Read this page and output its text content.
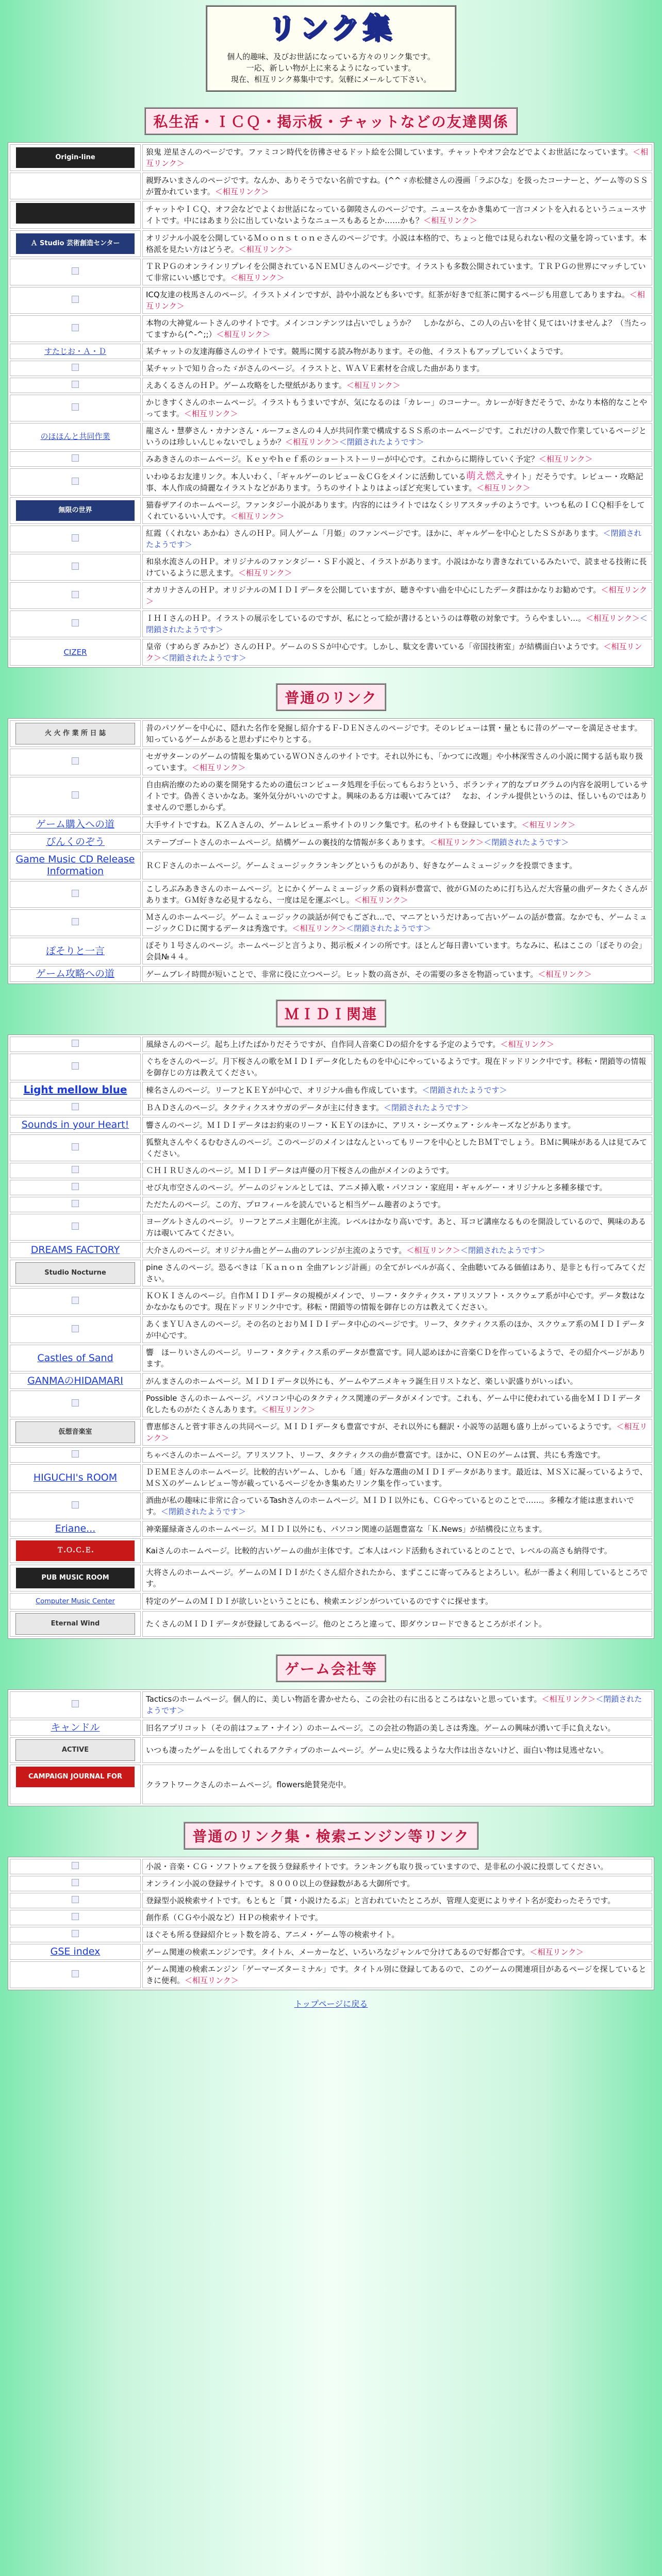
リンク集
個人的趣味、及びお世話になっている方々のリンク集です。
一応、新しい物が上に来るようになっています。
現在、相互リンク募集中です。気軽にメールして下さい。
私生活・ＩＣＱ・掲示板・チャットなどの友達関係
Origin-line	狼鬼 逆星さんのページです。ファミコン時代を彷彿させるドット絵を公開しています。チャットやオフ会などでよくお世話になっています。＜相互リンク＞
	親野みいまさんのページです。なんか、ありそうでない名前ですね。(^^ゞ赤松健さんの漫画「ラぶひな」を扱ったコーナーと、ゲーム等のＳＳが置かれています。＜相互リンク＞
	チャットやＩＣＱ、オフ会などでよくお世話になっている御陵さんのページです。ニュースをかき集めて一言コメントを入れるというニュースサイトです。中にはあまり公に出していないようなニュースもあるとか……かも？＜相互リンク＞
Ａ Studio 芸術創造センター	オリジナル小説を公開しているＭｏｏｎｓｔｏｎｅさんのページです。小説は本格的で、ちょっと他では見られない程の文量を誇っています。本格派を見たい方はどうぞ。＜相互リンク＞
	ＴＲＰＧのオンラインリプレイを公開されているＮＥＭＵさんのページです。イラストも多数公開されています。ＴＲＰＧの世界にマッチしていて非常にいい感じです。＜相互リンク＞
	ICQ友達の枝馬さんのページ。イラストメインですが、詩や小説なども多いです。紅茶が好きで紅茶に関するページも用意してありますね。＜相互リンク＞
	本物の大神覚ルートさんのサイトです。メインコンテンツは占いでしょうか？　しかながら、この人の占いを甘く見てはいけませんよ？（当たってますから(^-^;;）＜相互リンク＞
すたじお・Ａ・Ｄ	某チャットの友達海藤さんのサイトです。競馬に関する読み物があります。その他、イラストもアップしていくようです。
	某チャットで知り合ったゞがさんのページ。イラストと、ＷＡＶＥ素材を合成した曲があります。
	えあくるさんのＨＰ。ゲーム攻略をした壁紙があります。＜相互リンク＞
	かじきすくさんのホームページ。イラストもうまいですが、気になるのは「カレー」のコーナー。カレーが好きだそうで、かなり本格的なことやってます。＜相互リンク＞
のほほんと共同作業	龍さん・慧夢さん・カナンさん・ルーフェさんの４人が共同作業で構成するＳＳ系のホームページです。これだけの人数で作業しているページというのは珍しいんじゃないでしょうか？＜相互リンク＞＜閉鎖されたようです＞
	みあきさんのホームページ。Ｋｅｙやｈｅｆ系のショートストーリーが中心です。これからに期待していく予定？＜相互リンク＞
	いわゆるお友達リンク。本人いわく、「ギャルゲーのレビュー＆ＣＧをメインに活動している萌え燃えサイト」だそうです。レビュー・攻略記事、本人作成の綺麗なイラストなどがあります。うちのサイトよりはよっぽど充実しています。＜相互リンク＞
無限の世界	猫春ザアイのホームページ。ファンタジー小説があります。内容的にはライトではなくシリアスタッチのようです。いつも私のＩＣＱ相手をしてくれているいい人です。＜相互リンク＞
	紅霞（くれない あかね）さんのＨＰ。同人ゲーム「月姫」のファンページです。ほかに、ギャルゲーを中心としたＳＳがあります。＜閉鎖されたようです＞
	和泉水流さんのＨＰ。オリジナルのファンタジー・ＳＦ小説と、イラストがあります。小説はかなり書きなれているみたいで、読ませる技術に長けているように思えます。＜相互リンク＞
	オカリナさんのＨＰ。オリジナルのＭＩＤＩデータを公開していますが、聴きやすい曲を中心にしたデータ群はかなりお勧めです。＜相互リンク＞
	ＩＨＩさんのＨＰ。イラストの展示をしているのですが、私にとって絵が書けるというのは尊敬の対象です。うらやましい…。＜相互リンク＞＜閉鎖されたようです＞
CIZER	皇帝（すめらぎ みかど）さんのＨＰ。ゲームのＳＳが中心です。しかし、駄文を書いている「帝国技術室」が結構面白いようです。＜相互リンク＞＜閉鎖されたようです＞
普通のリンク
火 火 作 業 所 日 誌	昔のパソゲーを中心に、隠れた名作を発掘し紹介するＦ-ＤＥＮさんのページです。そのレビューは質・量ともに昔のゲーマーを満足させます。知っているゲームがあると思わずにやりとする。
	セガサターンのゲームの情報を集めているＷＯＮさんのサイトです。それ以外にも、「かつてに改題」や小林深雪さんの小説に関する話も取り扱っています。＜相互リンク＞
	自由病治療のための薬を開発するための遺伝コンピュータ処理を手伝ってもらおうという、ボランティア的なプログラムの内容を説明しているサイトです。偽善くさいかなあ。案外気分がいいのですよ。興味のある方は覗いてみては？　なお、インテル提供というのは、怪しいものではありませんので悪しからず。
ゲーム購入への道	大手サイトですね。ＫＺＡさんの、ゲームレビュー系サイトのリンク集です。私のサイトも登録しています。＜相互リンク＞
ぴんくのぞう	ステーブゴートさんのホームページ。結構ゲームの裏技的な情報が多くあります。＜相互リンク＞＜閉鎖されたようです＞
Game Music CD Release Information	ＲＣＦさんのホームページ。ゲームミュージックランキングというものがあり、好きなゲームミュージックを投票できます。
	こしろぶみあきさんのホームページ。とにかくゲームミュージック系の資料が豊富で、彼がＧＭのために打ち込んだ大容量の曲データたくさんがあります。ＧＭ好きな必見するなら、一度は足を運ぶべし。＜相互リンク＞
	Ｍさんのホームページ。ゲームミュージックの談話が何でもござれ…で、マニアというだけあって古いゲームの話が豊富。なかでも、ゲームミュージックＣＤに関するデータは秀逸です。＜相互リンク＞＜閉鎖されたようです＞
ぽそりと一言	ぽそり１号さんのページ。ホームページと言うより、掲示板メインの所です。ほとんど毎日書いています。ちなみに、私はここの「ぽそりの会」会員№４４。
ゲーム攻略への道	ゲームブレイ時間が短いことで、非常に役に立つページ。ヒット数の高さが、その需要の多さを物語っています。＜相互リンク＞
ＭＩＤＩ関連
	風緑さんのページ。起ち上げたばかりだそうですが、自作同人音楽ＣＤの紹介をする予定のようです。＜相互リンク＞
	ぐちをさんのページ。月下桜さんの歌をＭＩＤＩデータ化したものを中心にやっているようです。現在ドッドリンク中です。移転・閉鎖等の情報を御存じの方は教えてください。
Light mellow blue	棟名さんのページ。リーフとＫＥＹが中心で、オリジナル曲も作成しています。＜閉鎖されたようです＞
	ＢＡＤさんのページ。タクティクスオウガのデータが主に付きます。＜閉鎖されたようです＞
Sounds in your Heart!	響さんのページ。ＭＩＤＩデータはお約束のリーフ・ＫＥＹのほかに、アリス・シーズウェア・シルキーズなどがあります。
	狐整丸さんやくるむむさんのページ。このページのメインはなんといってもリーフを中心としたＢＭＴでしょう。ＢＭに興味がある人は見てみてください。
	ＣＨＩＲＵさんのページ。ＭＩＤＩデータは声優の月下桜さんの曲がメインのようです。
	せび丸市空さんのページ。ゲームのジャンルとしては、アニメ挿入歌・パソコン・家庭用・ギャルゲー・オリジナルと多種多様です。
	ただたんのページ。この方、プロフィールを読んでいると相当ゲーム趣者のようです。
	ヨーグルトさんのページ。リーフとアニメ主題化が主流。レベルはかなり高いです。あと、耳コピ講座なるものを開設しているので、興味のある方は覗いてみてください。
DREAMS FACTORY	大介さんのページ。オリジナル曲とゲーム曲のアレンジが主流のようです。＜相互リンク＞＜閉鎖されたようです＞
Studio Nocturne	pine さんのページ。恐るべきは「Ｋａｎｏｎ 全曲アレンジ計画」の全てがレベルが高く、全曲聴いてみる価値はあり、是非とも行ってみてください。
	ＫＯＫＩさんのページ。自作ＭＩＤＩデータの規模がメインで、リーフ・タクティクス・アリスソフト・スクウェア系が中心です。データ数はなかなかなものです。現在ドッドリンク中です。移転・閉鎖等の情報を御存じの方は教えてください。
	あくまＹＵＡさんのページ。その名のとおりＭＩＤＩデータ中心のページです。リーフ、タクティクス系のほか、スクウェア系のＭＩＤＩデータが中心です。
Castles of Sand	響　ほーりいさんのページ。リーフ・タクティクス系のデータが豊富です。同人認めほかに音楽ＣＤを作っているようで、その紹介ページがあります。
GANMAのHIDAMARI	がんまさんのホームページ。ＭＩＤＩデータ以外にも、ゲームやアニメキャラ誕生日リストなど、楽しい訳盛りがいっぱい。
	Possible さんのホームページ。パソコン中心のタクティクス関連のデータがメインです。これも、ゲーム中に使われている曲をＭＩＤＩデータ化したものがたくさんあります。＜相互リンク＞
仮想音楽室	曹恵郁さんと菅す菲さんの共同ページ。ＭＩＤＩデータも豊富ですが、それ以外にも翻訳・小説等の話題も盛り上がっているようです。＜相互リンク＞
	ちゃべさんのホームページ。アリスソフト、リーフ、タクティクスの曲が豊富です。ほかに、ＯＮＥのゲームは質、共にも秀逸です。
HIGUCHI's ROOM	ＤＥＭＥさんのホームページ。比較的古いゲーム、しかも「通」好みな選曲のＭＩＤＩデータがあります。最近は、ＭＳＸに凝っているようで、ＭＳＸのゲームレビュー等が載っているページをかき集めたリンク集を作っています。
	酒曲が私の趣味に非常に合っているTashさんのホームページ。ＭＩＤＩ以外にも、ＣＧやっているとのことで……。多種な才能は恵まれいです。＜閉鎖されたようです＞
Eriane...	神楽羅緑斎さんのホームページ。ＭＩＤＩ以外にも、パソコン関連の話題豊富な「Ｋ.News」が結構役に立ちます。
Ｔ.Ｏ.Ｃ.Ｅ.	Kaiさんのホームページ。比較的古いゲームの曲が主体です。ご本人はバンド活動もされているとのことで、レベルの高さも納得です。
PUB MUSIC ROOM	大将さんのホームページ。ゲームのＭＩＤＩがたくさん紹介されたから、まずここに寄ってみるとよろしい。私が一番よく利用しているところです。
Computer Music Center	特定のゲームのＭＩＤＩが欲しいということにも、検索エンジンがついているのですぐに探せます。
Eternal Wind	たくさんのＭＩＤＩデータが登録してあるページ。他のところと違って、即ダウンロードできるところがポイント。
ゲーム会社等
	Tacticsのホームページ。個人的に、美しい物語を書かせたら、この会社の右に出るところはないと思っています。＜相互リンク＞＜閉鎖されたようです＞
キャンドル	旧名アプリコット（その前はフェア・ナイン）のホームページ。この会社の物語の美しさは秀逸。ゲームの興味が湧いて手に負えない。
ACTIVE	いつも凄ったゲームを出してくれるアクティブのホームページ。ゲーム史に残るような大作は出さないけど、面白い物は見逃せない。
CAMPAIGN JOURNAL FOR BEGINNERS	クラフトワークさんのホームページ。flowers絶賛発売中。
普通のリンク集・検索エンジン等リンク
	小説・音楽・ＣＧ・ソフトウェアを扱う登録系サイトです。ランキングも取り扱っていますので、是非私の小説に投票してください。
	オンライン小説の登録サイトです。８０００以上の登録数がある大御所です。
	登録型小説検索サイトです。もともと「貫・小説けたるぶ」と言われていたところが、管理人変更によりサイト名が変わったそうです。
	創作系（ＣＧや小説など）ＨＰの検索サイトです。
	ほぐそも所る登録紹介ヒット数を誇る、アニメ・ゲーム等の検索サイト。
GSE index	ゲーム関連の検索エンジンです。タイトル、メーカーなど、いろいろなジャンルで分けてあるので好都合です。＜相互リンク＞
	ゲーム関連の検索エンジン「ゲーマーズターミナル」です。タイトル別に登録してあるので、このゲームの関連項目があるページを探しているときに便利。＜相互リンク＞
トップページに戻る
